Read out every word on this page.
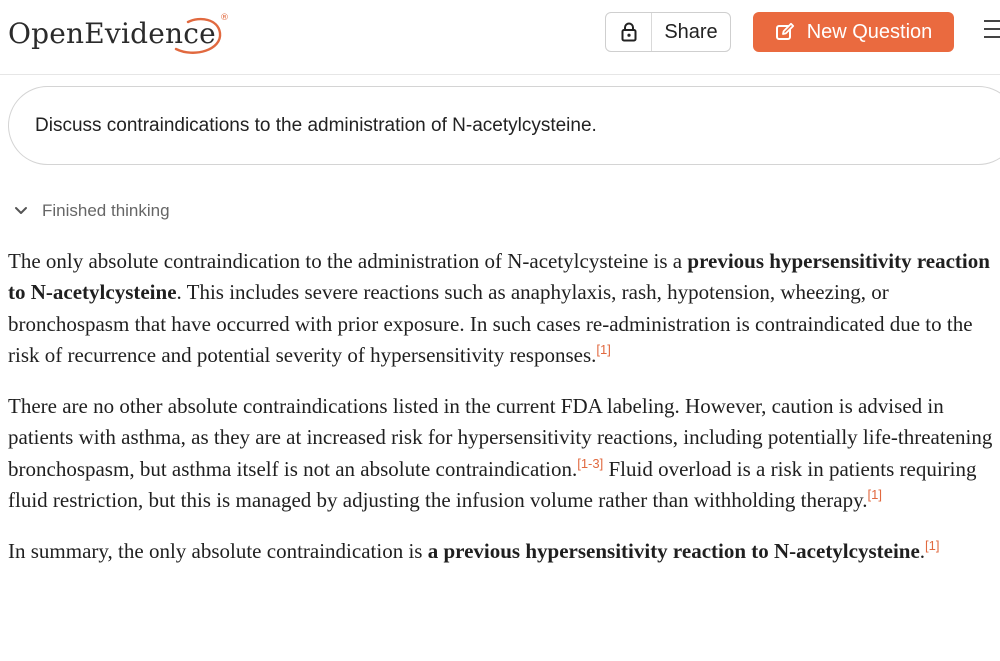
OpenEvidence ®
Share	New Question
Discuss contraindications to the administration of N-acetylcysteine.
Finished thinking

The only absolute contraindication to the administration of N-acetylcysteine is a previous hypersensitivity reaction to N-acetylcysteine. This includes severe reactions such as anaphylaxis, rash, hypotension, wheezing, or bronchospasm that have occurred with prior exposure. In such cases re-administration is contraindicated due to the risk of recurrence and potential severity of hypersensitivity responses.[1]

There are no other absolute contraindications listed in the current FDA labeling. However, caution is advised in patients with asthma, as they are at increased risk for hypersensitivity reactions, including potentially life-threatening bronchospasm, but asthma itself is not an absolute contraindication.[1-3] Fluid overload is a risk in patients requiring fluid restriction, but this is managed by adjusting the infusion volume rather than withholding therapy.[1]

In summary, the only absolute contraindication is a previous hypersensitivity reaction to N-acetylcysteine.[1]
